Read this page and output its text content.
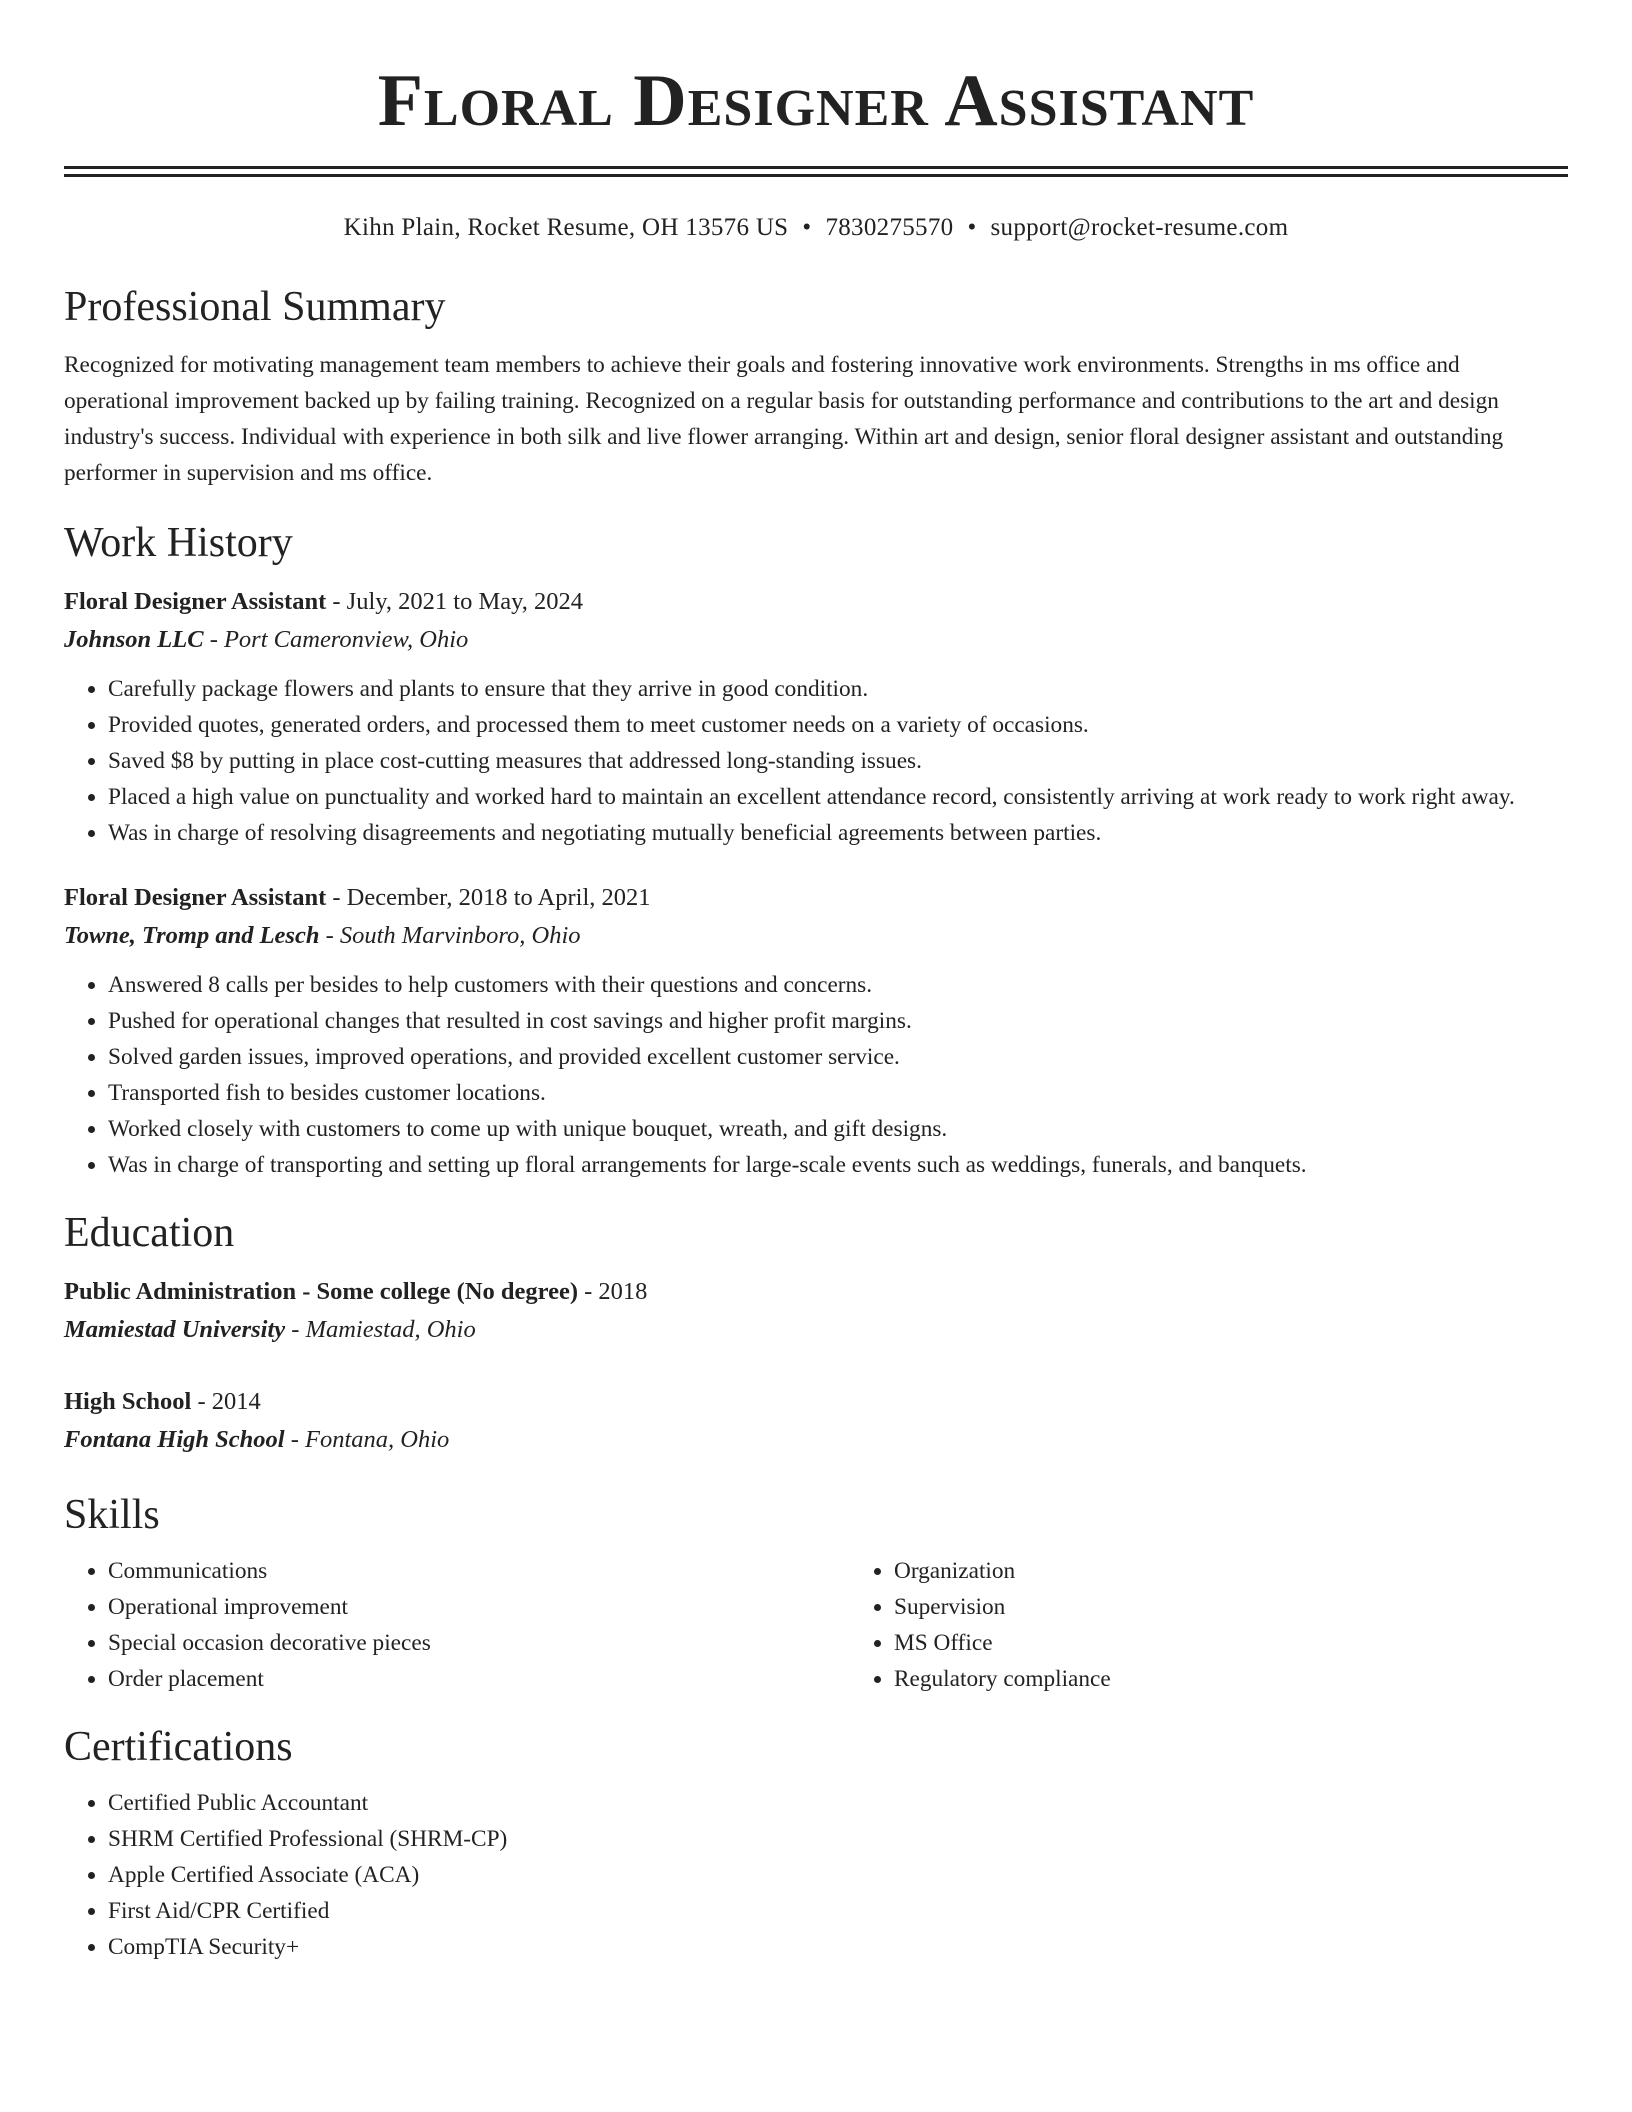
Floral Designer Assistant
Kihn Plain, Rocket Resume, OH 13576 US • 7830275570 • support@rocket-resume.com
Professional Summary

Recognized for motivating management team members to achieve their goals and fostering innovative work environments. Strengths in ms office and operational improvement backed up by failing training. Recognized on a regular basis for outstanding performance and contributions to the art and design industry's success. Individual with experience in both silk and live flower arranging. Within art and design, senior floral designer assistant and outstanding performer in supervision and ms office.

Work History
Floral Designer Assistant - July, 2021 to May, 2024
Johnson LLC - Port Cameronview, Ohio
• Carefully package flowers and plants to ensure that they arrive in good condition.
• Provided quotes, generated orders, and processed them to meet customer needs on a variety of occasions.
• Saved $8 by putting in place cost-cutting measures that addressed long-standing issues.
• Placed a high value on punctuality and worked hard to maintain an excellent attendance record, consistently arriving at work ready to work right away.
• Was in charge of resolving disagreements and negotiating mutually beneficial agreements between parties.
Floral Designer Assistant - December, 2018 to April, 2021
Towne, Tromp and Lesch - South Marvinboro, Ohio
• Answered 8 calls per besides to help customers with their questions and concerns.
• Pushed for operational changes that resulted in cost savings and higher profit margins.
• Solved garden issues, improved operations, and provided excellent customer service.
• Transported fish to besides customer locations.
• Worked closely with customers to come up with unique bouquet, wreath, and gift designs.
• Was in charge of transporting and setting up floral arrangements for large-scale events such as weddings, funerals, and banquets.
Education
Public Administration - Some college (No degree) - 2018
Mamiestad University - Mamiestad, Ohio
High School - 2014
Fontana High School - Fontana, Ohio
Skills
• Communications
• Operational improvement
• Special occasion decorative pieces
• Order placement
• Organization
• Supervision
• MS Office
• Regulatory compliance
Certifications
• Certified Public Accountant
• SHRM Certified Professional (SHRM-CP)
• Apple Certified Associate (ACA)
• First Aid/CPR Certified
• CompTIA Security+
